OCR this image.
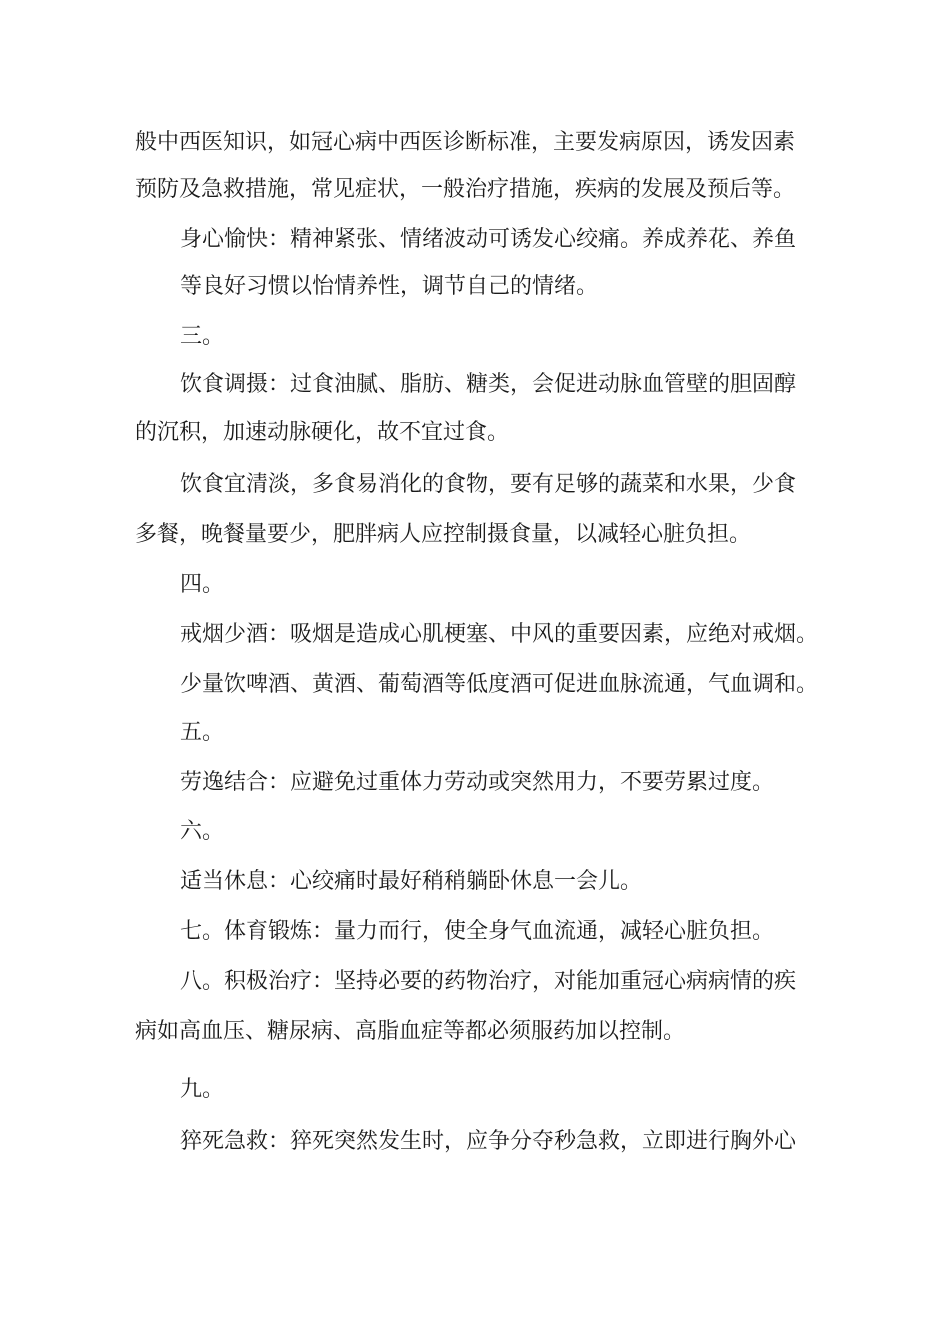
般中西医知识，如冠心病中西医诊断标准，主要发病原因，诱发因素

预防及急救措施，常见症状，一般治疗措施，疾病的发展及预后等。

身心愉快：精神紧张、情绪波动可诱发心绞痛。养成养花、养鱼

等良好习惯以怡情养性，调节自己的情绪。

三。

饮食调摄：过食油腻、脂肪、糖类，会促进动脉血管壁的胆固醇

的沉积，加速动脉硬化，故不宜过食。

饮食宜清淡，多食易消化的食物，要有足够的蔬菜和水果，少食

多餐，晚餐量要少，肥胖病人应控制摄食量，以减轻心脏负担。

四。

戒烟少酒：吸烟是造成心肌梗塞、中风的重要因素，应绝对戒烟。

少量饮啤酒、黄酒、葡萄酒等低度酒可促进血脉流通，气血调和。

五。

劳逸结合：应避免过重体力劳动或突然用力，不要劳累过度。

六。

适当休息：心绞痛时最好稍稍躺卧休息一会儿。

七。体育锻炼：量力而行，使全身气血流通，减轻心脏负担。

八。积极治疗：坚持必要的药物治疗，对能加重冠心病病情的疾

病如高血压、糖尿病、高脂血症等都必须服药加以控制。

九。

猝死急救：猝死突然发生时，应争分夺秒急救，立即进行胸外心
